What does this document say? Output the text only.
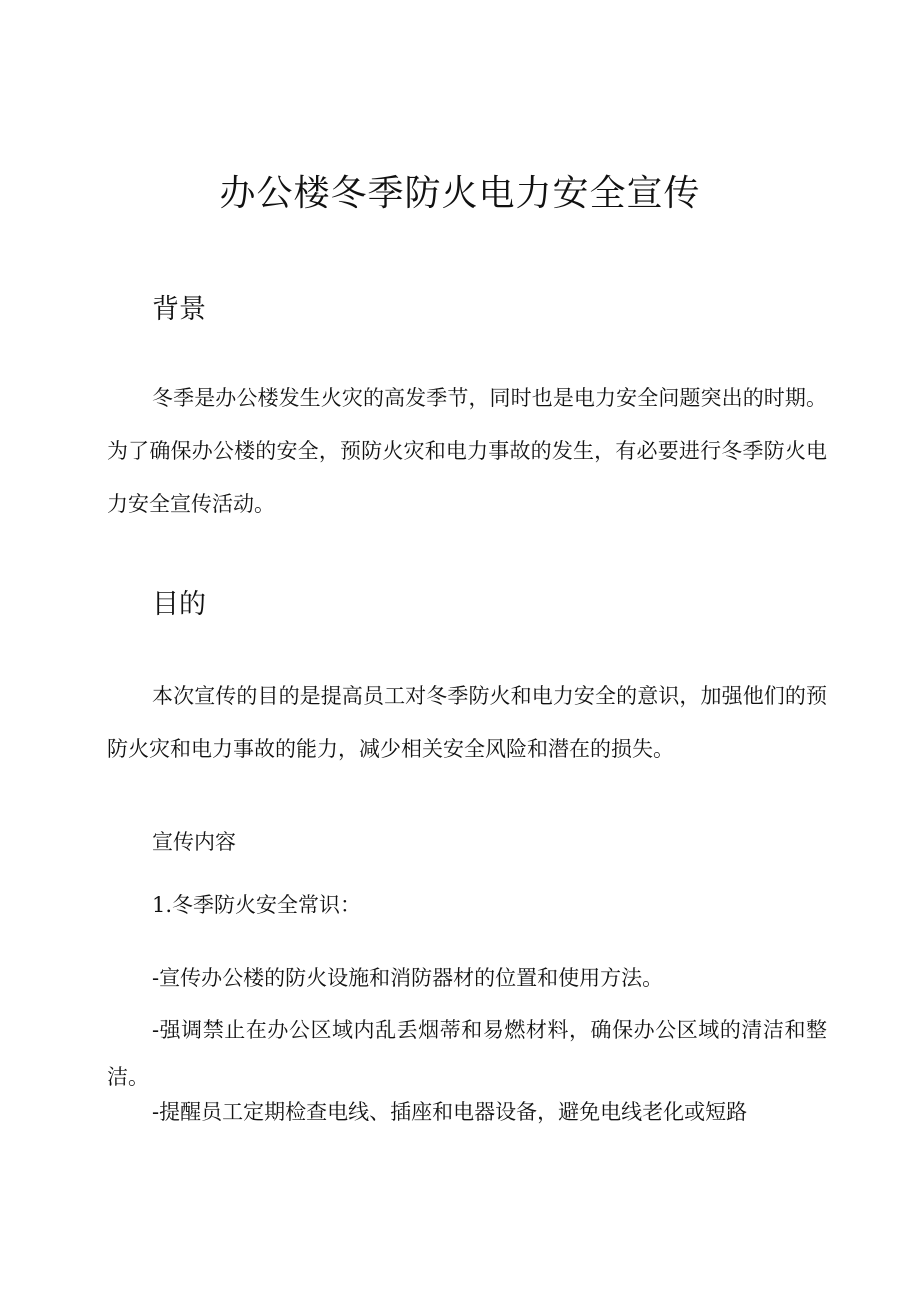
办公楼冬季防火电力安全宣传
背景

冬季是办公楼发生火灾的高发季节，同时也是电力安全问题突出的时期。为了确保办公楼的安全，预防火灾和电力事故的发生，有必要进行冬季防火电力安全宣传活动。

目的

本次宣传的目的是提高员工对冬季防火和电力安全的意识，加强他们的预防火灾和电力事故的能力，减少相关安全风险和潜在的损失。

宣传内容

1.冬季防火安全常识：

-宣传办公楼的防火设施和消防器材的位置和使用方法。

-强调禁止在办公区域内乱丢烟蒂和易燃材料，确保办公区域的清洁和整洁。

-提醒员工定期检查电线、插座和电器设备，避免电线老化或短路
